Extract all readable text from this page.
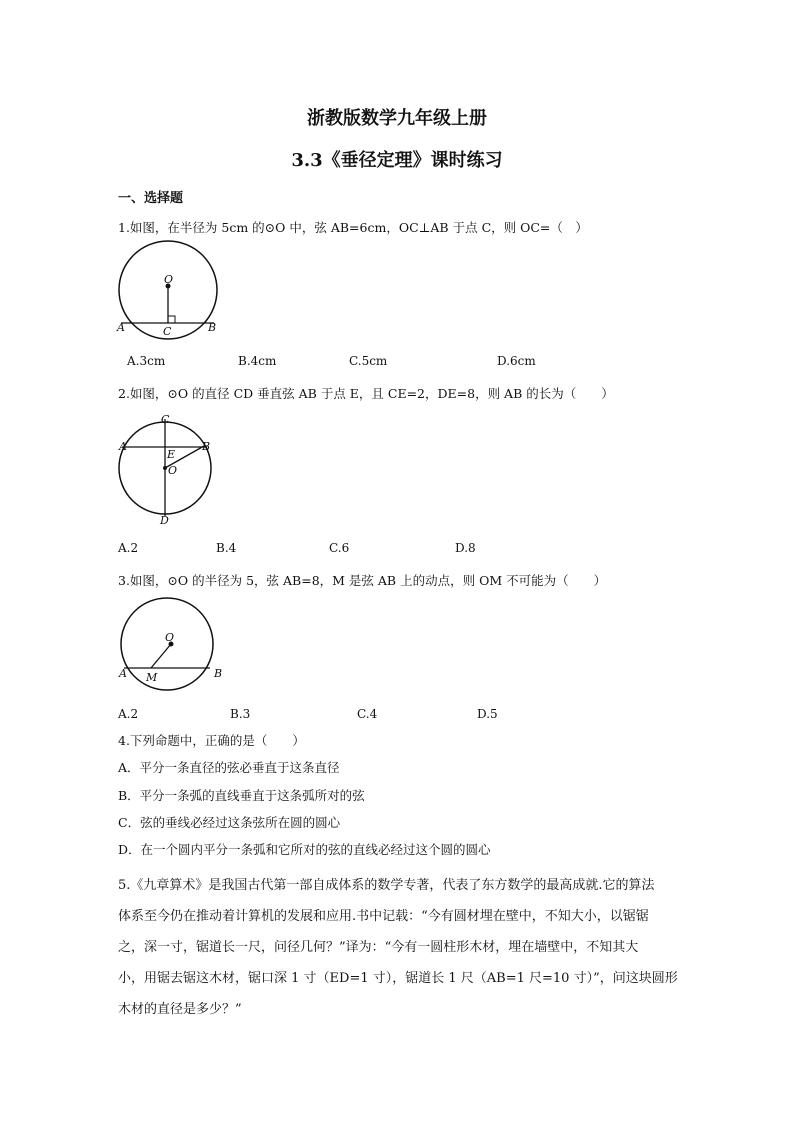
浙教版数学九年级上册
3.3《垂径定理》课时练习
一、选择题
1.如图，在半径为 5cm 的⊙O 中，弦 AB=6cm，OC⊥AB 于点 C，则 OC=（　）
O
A	B
C
A.3cm	B.4cm	C.5cm	D.6cm
2.如图，⊙O 的直径 CD 垂直弦 AB 于点 E，且 CE=2，DE=8，则 AB 的长为（　　）
C
A	B
E
O
D
A.2	B.4	C.6	D.8
3.如图，⊙O 的半径为 5，弦 AB=8，M 是弦 AB 上的动点，则 OM 不可能为（　　）
O
A	B
M
A.2	B.3	C.4	D.5
4.下列命题中，正确的是（　　）
A．平分一条直径的弦必垂直于这条直径
B．平分一条弧的直线垂直于这条弧所对的弦
C．弦的垂线必经过这条弦所在圆的圆心
D．在一个圆内平分一条弧和它所对的弦的直线必经过这个圆的圆心
5.《九章算术》是我国古代第一部自成体系的数学专著，代表了东方数学的最高成就.它的算法
体系至今仍在推动着计算机的发展和应用.书中记载：“今有圆材埋在壁中，不知大小，以锯锯
之，深一寸，锯道长一尺，问径几何？”译为：“今有一圆柱形木材，埋在墙壁中，不知其大
小，用锯去锯这木材，锯口深 1 寸（ED=1 寸），锯道长 1 尺（AB=1 尺=10 寸）”，问这块圆形
木材的直径是多少？”
